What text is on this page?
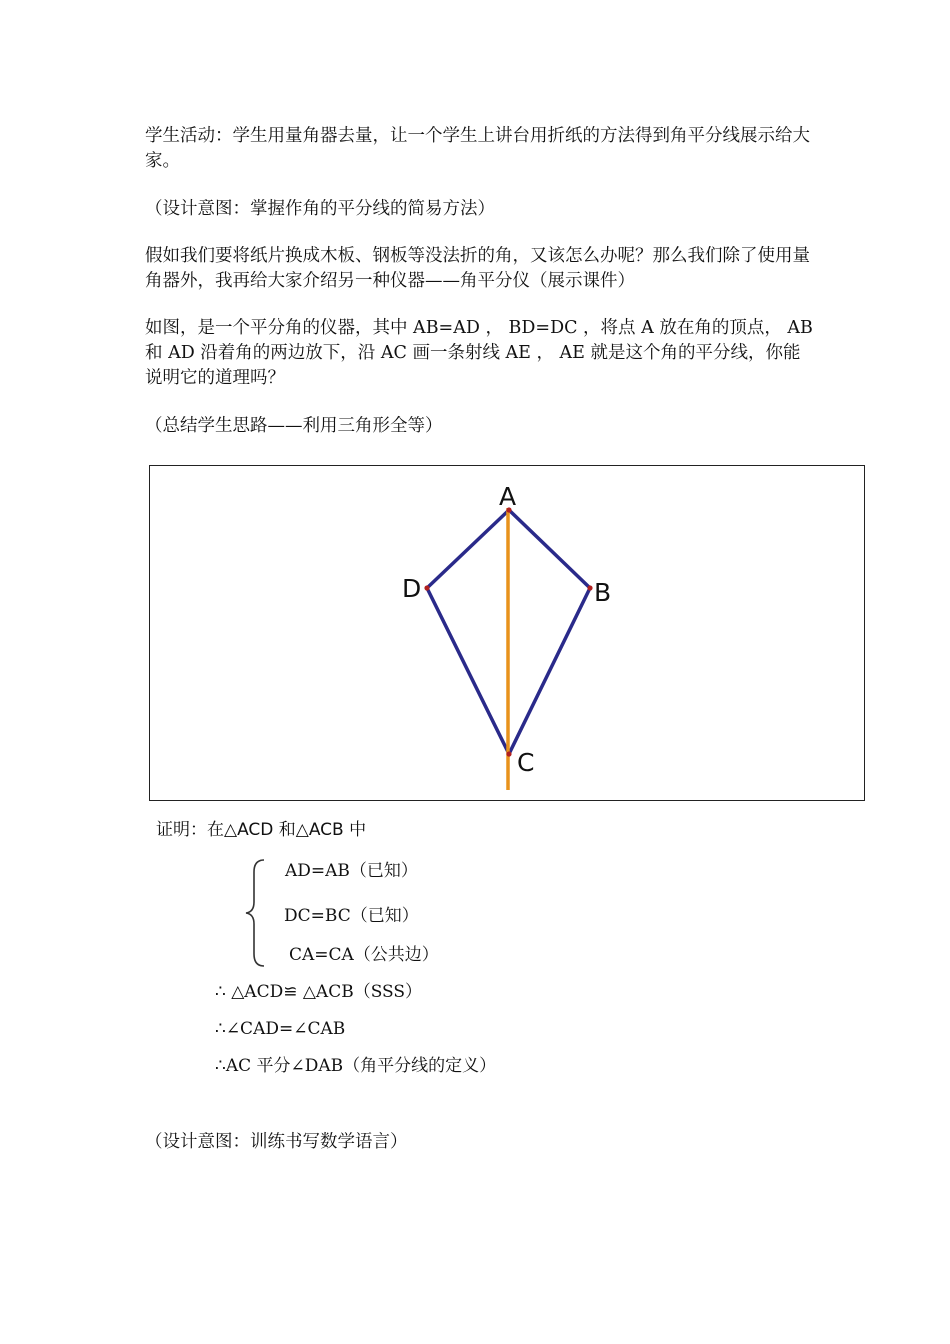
学生活动：学生用量角器去量，让一个学生上讲台用折纸的方法得到角平分线展示给大家。

（设计意图：掌握作角的平分线的简易方法）

假如我们要将纸片换成木板、钢板等没法折的角，又该怎么办呢？那么我们除了使用量角器外，我再给大家介绍另一种仪器——角平分仪（展示课件）

如图，是一个平分角的仪器，其中 AB=AD ， BD=DC ，将点 A 放在角的顶点， AB 和 AD 沿着角的两边放下，沿 AC 画一条射线 AE ， AE 就是这个角的平分线，你能说明它的道理吗？

（总结学生思路——利用三角形全等）

A
B
C
D
证明：在△ACD 和△ACB 中
AD=AB（已知）
DC=BC（已知）
CA=CA（公共边）
∴ △ACD≌ △ACB（SSS）
∴∠CAD=∠CAB
∴AC 平分∠DAB（角平分线的定义）

（设计意图：训练书写数学语言）
